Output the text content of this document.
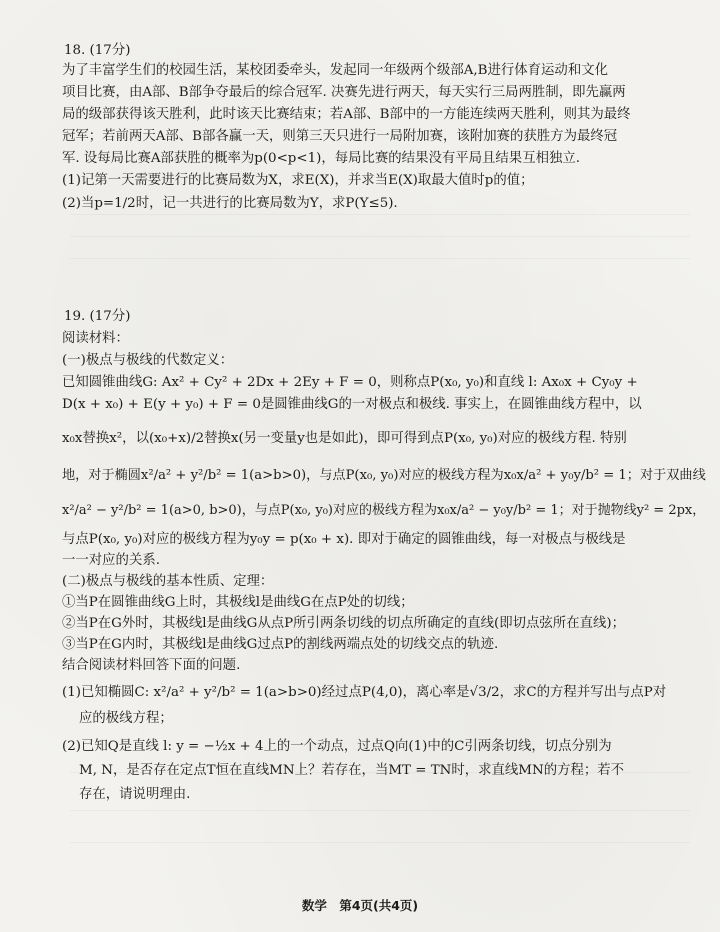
18. (17分)
为了丰富学生们的校园生活，某校团委牵头，发起同一年级两个级部A,B进行体育运动和文化
项目比赛，由A部、B部争夺最后的综合冠军. 决赛先进行两天，每天实行三局两胜制，即先赢两
局的级部获得该天胜利，此时该天比赛结束；若A部、B部中的一方能连续两天胜利，则其为最终
冠军；若前两天A部、B部各赢一天，则第三天只进行一局附加赛，该附加赛的获胜方为最终冠
军. 设每局比赛A部获胜的概率为p(0<p<1)，每局比赛的结果没有平局且结果互相独立.
(1)记第一天需要进行的比赛局数为X，求E(X)，并求当E(X)取最大值时p的值；
(2)当p=1/2时，记一共进行的比赛局数为Y，求P(Y≤5).
19. (17分)
阅读材料：
(一)极点与极线的代数定义：
已知圆锥曲线G: Ax² + Cy² + 2Dx + 2Ey + F = 0，则称点P(x₀, y₀)和直线 l: Ax₀x + Cy₀y +
D(x + x₀) + E(y + y₀) + F = 0是圆锥曲线G的一对极点和极线. 事实上，在圆锥曲线方程中，以
x₀x替换x²，以(x₀+x)/2替换x(另一变量y也是如此)，即可得到点P(x₀, y₀)对应的极线方程. 特别
地，对于椭圆x²/a² + y²/b² = 1(a>b>0)，与点P(x₀, y₀)对应的极线方程为x₀x/a² + y₀y/b² = 1；对于双曲线
x²/a² − y²/b² = 1(a>0, b>0)，与点P(x₀, y₀)对应的极线方程为x₀x/a² − y₀y/b² = 1；对于抛物线y² = 2px，
与点P(x₀, y₀)对应的极线方程为y₀y = p(x₀ + x). 即对于确定的圆锥曲线，每一对极点与极线是
一一对应的关系.
(二)极点与极线的基本性质、定理：
①当P在圆锥曲线G上时，其极线l是曲线G在点P处的切线；
②当P在G外时，其极线l是曲线G从点P所引两条切线的切点所确定的直线(即切点弦所在直线)；
③当P在G内时，其极线l是曲线G过点P的割线两端点处的切线交点的轨迹.
结合阅读材料回答下面的问题.
(1)已知椭圆C: x²/a² + y²/b² = 1(a>b>0)经过点P(4,0)，离心率是√3/2，求C的方程并写出与点P对
应的极线方程；
(2)已知Q是直线 l: y = −½x + 4上的一个动点，过点Q向(1)中的C引两条切线，切点分别为
M, N，是否存在定点T恒在直线MN上？若存在，当MT = TN时，求直线MN的方程；若不
存在，请说明理由.
数学　第4页(共4页)
